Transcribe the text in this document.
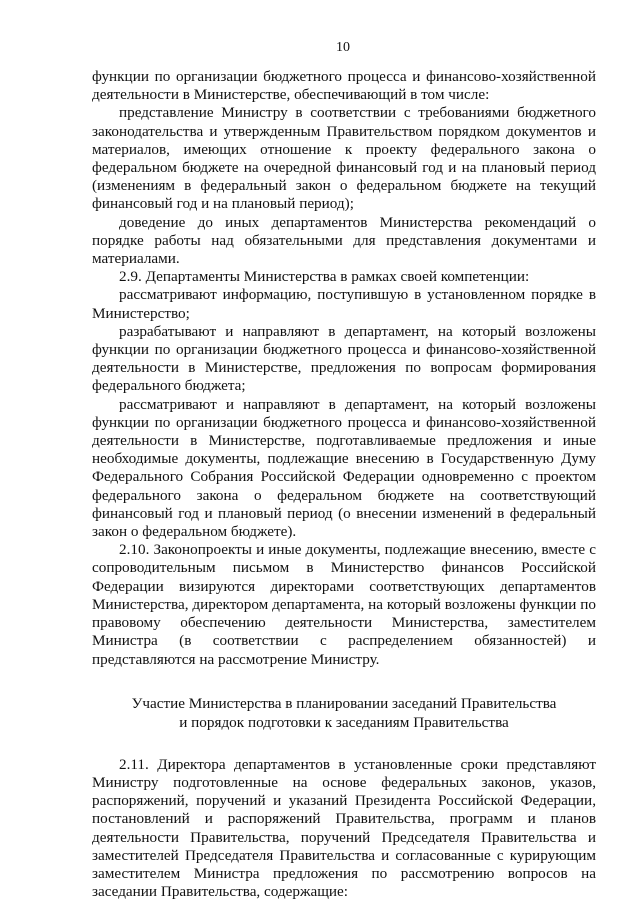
10

функции по организации бюджетного процесса и финансово-хозяйственной деятельности в Министерстве, обеспечивающий в том числе:

представление Министру в соответствии с требованиями бюджетного законодательства и утвержденным Правительством порядком документов и материалов, имеющих отношение к проекту федерального закона о федеральном бюджете на очередной финансовый год и на плановый период (изменениям в федеральный закон о федеральном бюджете на текущий финансовый год и на плановый период);

доведение до иных департаментов Министерства рекомендаций о порядке работы над обязательными для представления документами и материалами.

2.9. Департаменты Министерства в рамках своей компетенции:

рассматривают информацию, поступившую в установленном порядке в Министерство;

разрабатывают и направляют в департамент, на который возложены функции по организации бюджетного процесса и финансово-хозяйственной деятельности в Министерстве, предложения по вопросам формирования федерального бюджета;

рассматривают и направляют в департамент, на который возложены функции по организации бюджетного процесса и финансово-хозяйственной деятельности в Министерстве, подготавливаемые предложения и иные необходимые документы, подлежащие внесению в Государственную Думу Федерального Собрания Российской Федерации одновременно с проектом федерального закона о федеральном бюджете на соответствующий финансовый год и плановый период (о внесении изменений в федеральный закон о федеральном бюджете).

2.10. Законопроекты и иные документы, подлежащие внесению, вместе с сопроводительным письмом в Министерство финансов Российской Федерации визируются директорами соответствующих департаментов Министерства, директором департамента, на который возложены функции по правовому обеспечению деятельности Министерства, заместителем Министра (в соответствии с распределением обязанностей) и представляются на рассмотрение Министру.

Участие Министерства в планировании заседаний Правительства
и порядок подготовки к заседаниям Правительства

2.11. Директора департаментов в установленные сроки представляют Министру подготовленные на основе федеральных законов, указов, распоряжений, поручений и указаний Президента Российской Федерации, постановлений и распоряжений Правительства, программ и планов деятельности Правительства, поручений Председателя Правительства и заместителей Председателя Правительства и согласованные с курирующим заместителем Министра предложения по рассмотрению вопросов на заседании Правительства, содержащие:
